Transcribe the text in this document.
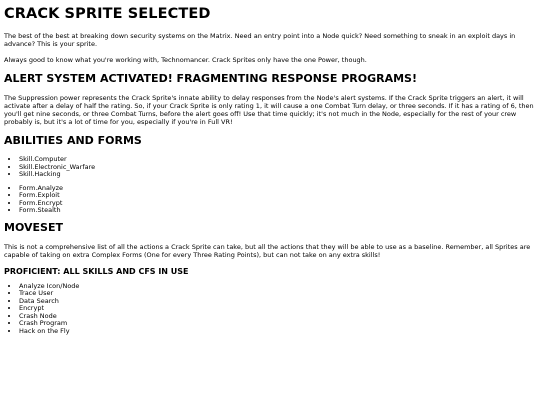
CRACK SPRITE SELECTED

The best of the best at breaking down security systems on the Matrix. Need an entry point into a Node quick? Need something to sneak in an exploit days in advance? This is your sprite.

Always good to know what you're working with, Technomancer. Crack Sprites only have the one Power, though.

ALERT SYSTEM ACTIVATED! FRAGMENTING RESPONSE PROGRAMS!

The Suppression power represents the Crack Sprite's innate ability to delay responses from the Node's alert systems. If the Crack Sprite triggers an alert, it will activate after a delay of half the rating. So, if your Crack Sprite is only rating 1, it will cause a one Combat Turn delay, or three seconds. If it has a rating of 6, then you'll get nine seconds, or three Combat Turns, before the alert goes off! Use that time quickly; it's not much in the Node, especially for the rest of your crew probably is, but it's a lot of time for you, especially if you're in Full VR!

ABILITIES AND FORMS
• Skill.Computer
• Skill.Electronic_Warfare
• Skill.Hacking
• Form.Analyze
• Form.Exploit
• Form.Encrypt
• Form.Stealth
MOVESET

This is not a comprehensive list of all the actions a Crack Sprite can take, but all the actions that they will be able to use as a baseline. Remember, all Sprites are capable of taking on extra Complex Forms (One for every Three Rating Points), but can not take on any extra skills!

PROFICIENT: ALL SKILLS AND CFS IN USE
• Analyze Icon/Node
• Trace User
• Data Search
• Encrypt
• Crash Node
• Crash Program
• Hack on the Fly
